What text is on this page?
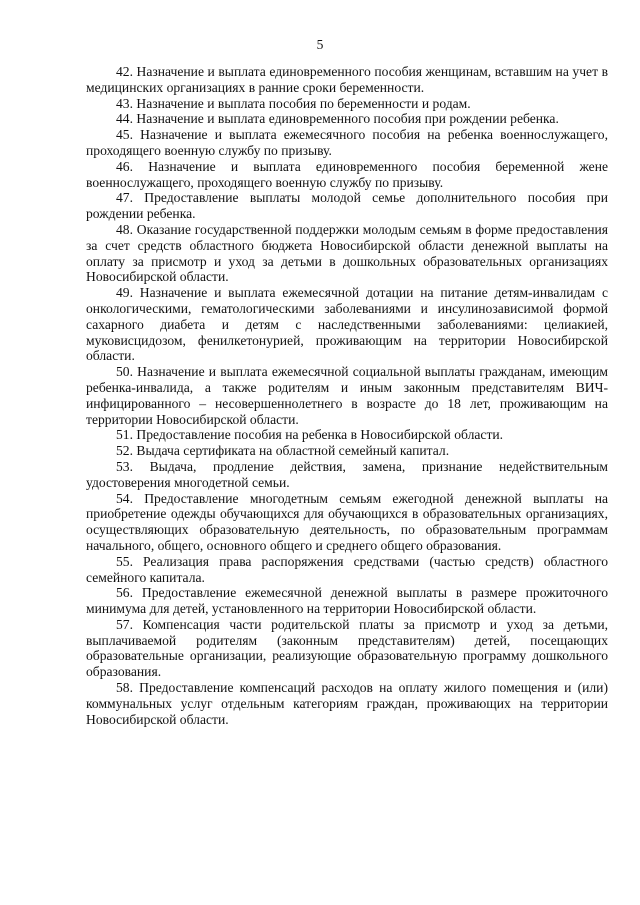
5

42. Назначение и выплата единовременного пособия женщинам, вставшим на учет в медицинских организациях в ранние сроки беременности.

43. Назначение и выплата пособия по беременности и родам.

44. Назначение и выплата единовременного пособия при рождении ребенка.

45. Назначение и выплата ежемесячного пособия на ребенка военнослужащего, проходящего военную службу по призыву.

46. Назначение и выплата единовременного пособия беременной жене военнослужащего, проходящего военную службу по призыву.

47. Предоставление выплаты молодой семье дополнительного пособия при рождении ребенка.

48. Оказание государственной поддержки молодым семьям в форме предоставления за счет средств областного бюджета Новосибирской области денежной выплаты на оплату за присмотр и уход за детьми в дошкольных образовательных организациях Новосибирской области.

49. Назначение и выплата ежемесячной дотации на питание детям-инвалидам с онкологическими, гематологическими заболеваниями и инсулинозависимой формой сахарного диабета и детям с наследственными заболеваниями: целиакией, муковисцидозом, фенилкетонурией, проживающим на территории Новосибирской области.

50. Назначение и выплата ежемесячной социальной выплаты гражданам, имеющим ребенка-инвалида, а также родителям и иным законным представителям ВИЧ-инфицированного – несовершеннолетнего в возрасте до 18 лет, проживающим на территории Новосибирской области.

51. Предоставление пособия на ребенка в Новосибирской области.

52. Выдача сертификата на областной семейный капитал.

53. Выдача, продление действия, замена, признание недействительным удостоверения многодетной семьи.

54. Предоставление многодетным семьям ежегодной денежной выплаты на приобретение одежды обучающихся для обучающихся в образовательных организациях, осуществляющих образовательную деятельность, по образовательным программам начального, общего, основного общего и среднего общего образования.

55. Реализация права распоряжения средствами (частью средств) областного семейного капитала.

56. Предоставление ежемесячной денежной выплаты в размере прожиточного минимума для детей, установленного на территории Новосибирской области.

57. Компенсация части родительской платы за присмотр и уход за детьми, выплачиваемой родителям (законным представителям) детей, посещающих образовательные организации, реализующие образовательную программу дошкольного образования.

58. Предоставление компенсаций расходов на оплату жилого помещения и (или) коммунальных услуг отдельным категориям граждан, проживающих на территории Новосибирской области.
